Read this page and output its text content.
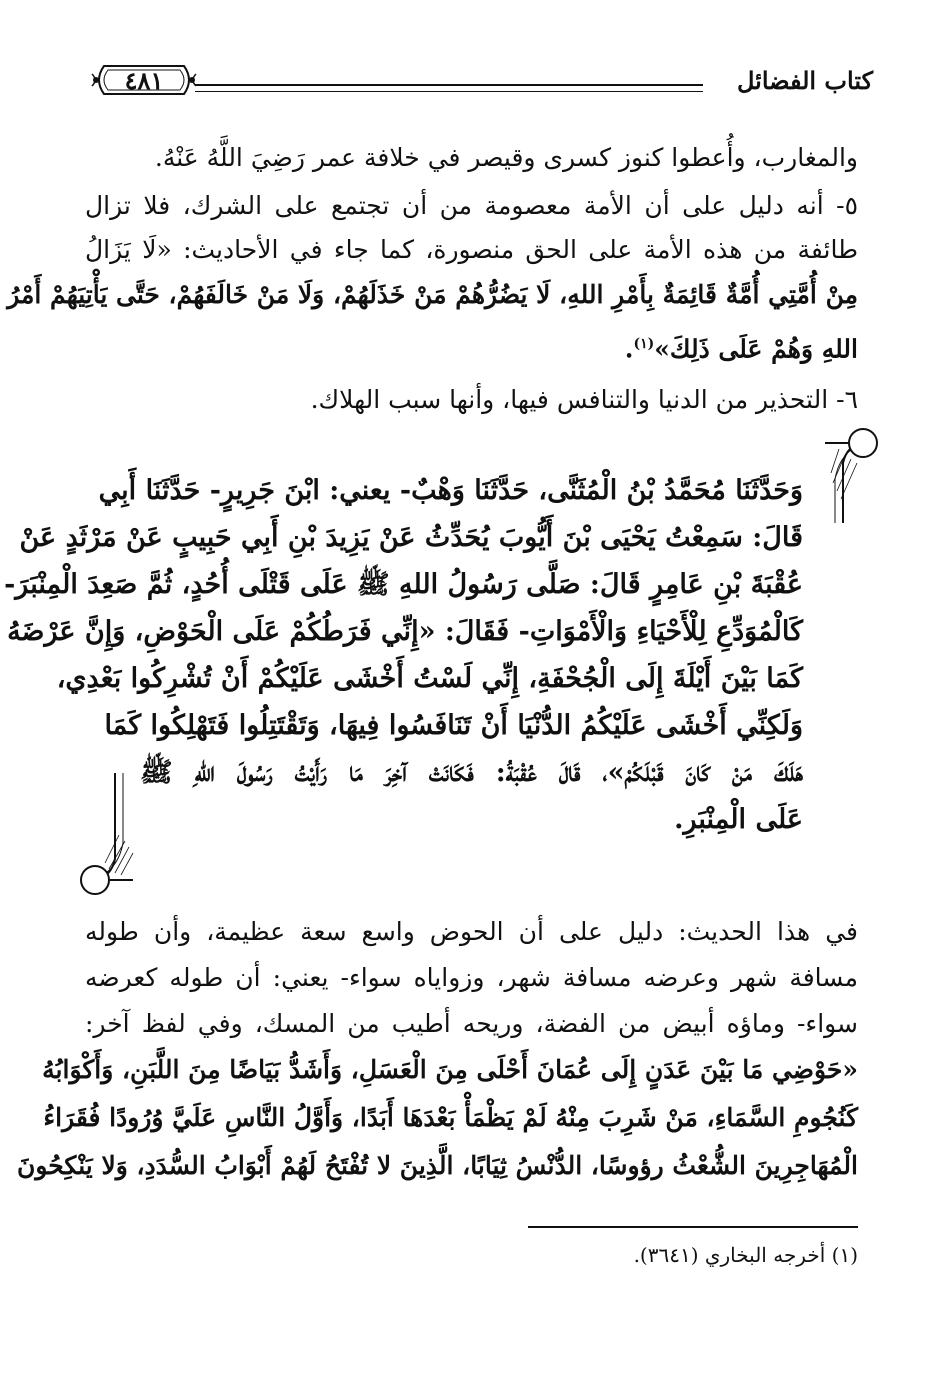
كتاب الفضائل
٤٨١
والمغارب، وأُعطوا كنوز كسرى وقيصر في خلافة عمر رَضِيَ اللَّهُ عَنْهُ.
٥- أنه دليل على أن الأمة معصومة من أن تجتمع على الشرك، فلا تزال
طائفة من هذه الأمة على الحق منصورة، كما جاء في الأحاديث: «لَا يَزَالُ
مِنْ أُمَّتِي أُمَّةٌ قَائِمَةٌ بِأَمْرِ اللهِ، لَا يَضُرُّهُمْ مَنْ خَذَلَهُمْ، وَلَا مَنْ خَالَفَهُمْ، حَتَّى يَأْتِيَهُمْ أَمْرُ
اللهِ وَهُمْ عَلَى ذَلِكَ»$^{(١)}$.
٦- التحذير من الدنيا والتنافس فيها، وأنها سبب الهلاك.
وَحَدَّثَنَا مُحَمَّدُ بْنُ الْمُثَنَّى، حَدَّثَنَا وَهْبٌ- يعني: ابْنَ جَرِيرٍ- حَدَّثَنَا أَبِي
قَالَ: سَمِعْتُ يَحْيَى بْنَ أَيُّوبَ يُحَدِّثُ عَنْ يَزِيدَ بْنِ أَبِي حَبِيبٍ عَنْ مَرْثَدٍ عَنْ
عُقْبَةَ بْنِ عَامِرٍ قَالَ: صَلَّى رَسُولُ اللهِ ﷺ عَلَى قَتْلَى أُحُدٍ، ثُمَّ صَعِدَ الْمِنْبَرَ-
كَالْمُوَدِّعِ لِلْأَحْيَاءِ وَالْأَمْوَاتِ- فَقَالَ: «إِنِّي فَرَطُكُمْ عَلَى الْحَوْضِ، وَإِنَّ عَرْضَهُ
كَمَا بَيْنَ أَيْلَةَ إِلَى الْجُحْفَةِ، إِنِّي لَسْتُ أَخْشَى عَلَيْكُمْ أَنْ تُشْرِكُوا بَعْدِي،
وَلَكِنِّي أَخْشَى عَلَيْكُمُ الدُّنْيَا أَنْ تَنَافَسُوا فِيهَا، وَتَقْتَتِلُوا فَتَهْلِكُوا كَمَا
هَلَكَ مَنْ كَانَ قَبْلَكُمْ»، قَالَ عُقْبَةُ: فَكَانَتْ آخِرَ مَا رَأَيْتُ رَسُولَ اللهِ ﷺ
عَلَى الْمِنْبَرِ.
في هذا الحديث: دليل على أن الحوض واسع سعة عظيمة، وأن طوله
مسافة شهر وعرضه مسافة شهر، وزواياه سواء- يعني: أن طوله كعرضه
سواء- وماؤه أبيض من الفضة، وريحه أطيب من المسك، وفي لفظ آخر:
«حَوْضِي مَا بَيْنَ عَدَنٍ إِلَى عُمَانَ أَحْلَى مِنَ الْعَسَلِ، وَأَشَدُّ بَيَاضًا مِنَ اللَّبَنِ، وَأَكْوَابُهُ
كَنُجُومِ السَّمَاءِ، مَنْ شَرِبَ مِنْهُ لَمْ يَظْمَأْ بَعْدَهَا أَبَدًا، وَأَوَّلُ النَّاسِ عَلَيَّ وُرُودًا فُقَرَاءُ
الْمُهَاجِرِينَ الشُّعْثُ رؤوسًا، الدُّنْسُ ثِيَابًا، الَّذِينَ لا تُفْتَحُ لَهُمْ أَبْوَابُ السُّدَدِ، وَلا يَنْكِحُونَ
(١) أخرجه البخاري (٣٦٤١).
